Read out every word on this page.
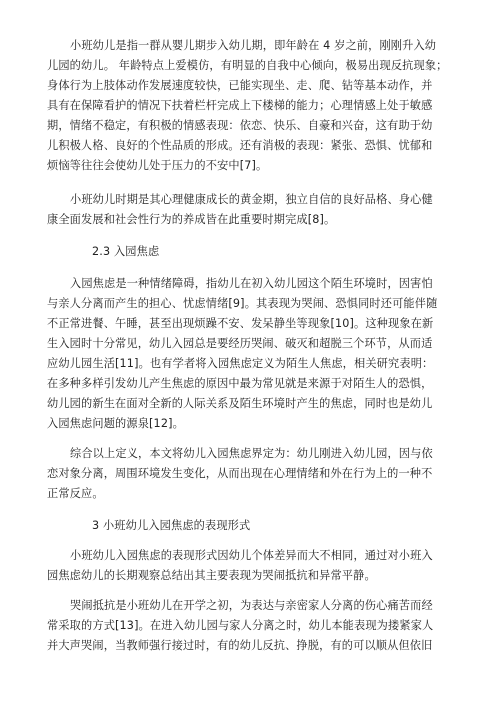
小班幼儿是指一群从婴儿期步入幼儿期，即年龄在 4 岁之前，刚刚升入幼
儿园的幼儿。 年龄特点上爱模仿，有明显的自我中心倾向，极易出现反抗现象；
身体行为上肢体动作发展速度较快，已能实现坐、走、爬、钻等基本动作，并
具有在保障看护的情况下扶着栏杆完成上下楼梯的能力；心理情感上处于敏感
期，情绪不稳定，有积极的情感表现：依恋、快乐、自豪和兴奋，这有助于幼
儿积极人格、良好的个性品质的形成。还有消极的表现：紧张、恐惧、忧郁和
烦恼等往往会使幼儿处于压力的不安中[7]。
小班幼儿时期是其心理健康成长的黄金期，独立自信的良好品格、身心健
康全面发展和社会性行为的养成皆在此重要时期完成[8]。
2.3 入园焦虑
入园焦虑是一种情绪障碍，指幼儿在初入幼儿园这个陌生环境时，因害怕
与亲人分离而产生的担心、忧虑情绪[9]。其表现为哭闹、恐惧同时还可能伴随
不正常进餐、午睡，甚至出现烦躁不安、发呆静坐等现象[10]。这种现象在新
生入园时十分常见，幼儿入园总是要经历哭闹、破灭和超脱三个环节，从而适
应幼儿园生活[11]。也有学者将入园焦虑定义为陌生人焦虑，相关研究表明：
在多种多样引发幼儿产生焦虑的原因中最为常见就是来源于对陌生人的恐惧，
幼儿园的新生在面对全新的人际关系及陌生环境时产生的焦虑，同时也是幼儿
入园焦虑问题的源泉[12]。
综合以上定义，本文将幼儿入园焦虑界定为：幼儿刚进入幼儿园，因与依
恋对象分离，周围环境发生变化，从而出现在心理情绪和外在行为上的一种不
正常反应。
3 小班幼儿入园焦虑的表现形式
小班幼儿入园焦虑的表现形式因幼儿个体差异而大不相同，通过对小班入
园焦虑幼儿的长期观察总结出其主要表现为哭闹抵抗和异常平静。
哭闹抵抗是小班幼儿在开学之初，为表达与亲密家人分离的伤心痛苦而经
常采取的方式[13]。在进入幼儿园与家人分离之时，幼儿本能表现为搂紧家人
并大声哭闹，当教师强行接过时，有的幼儿反抗、挣脱，有的可以顺从但依旧
